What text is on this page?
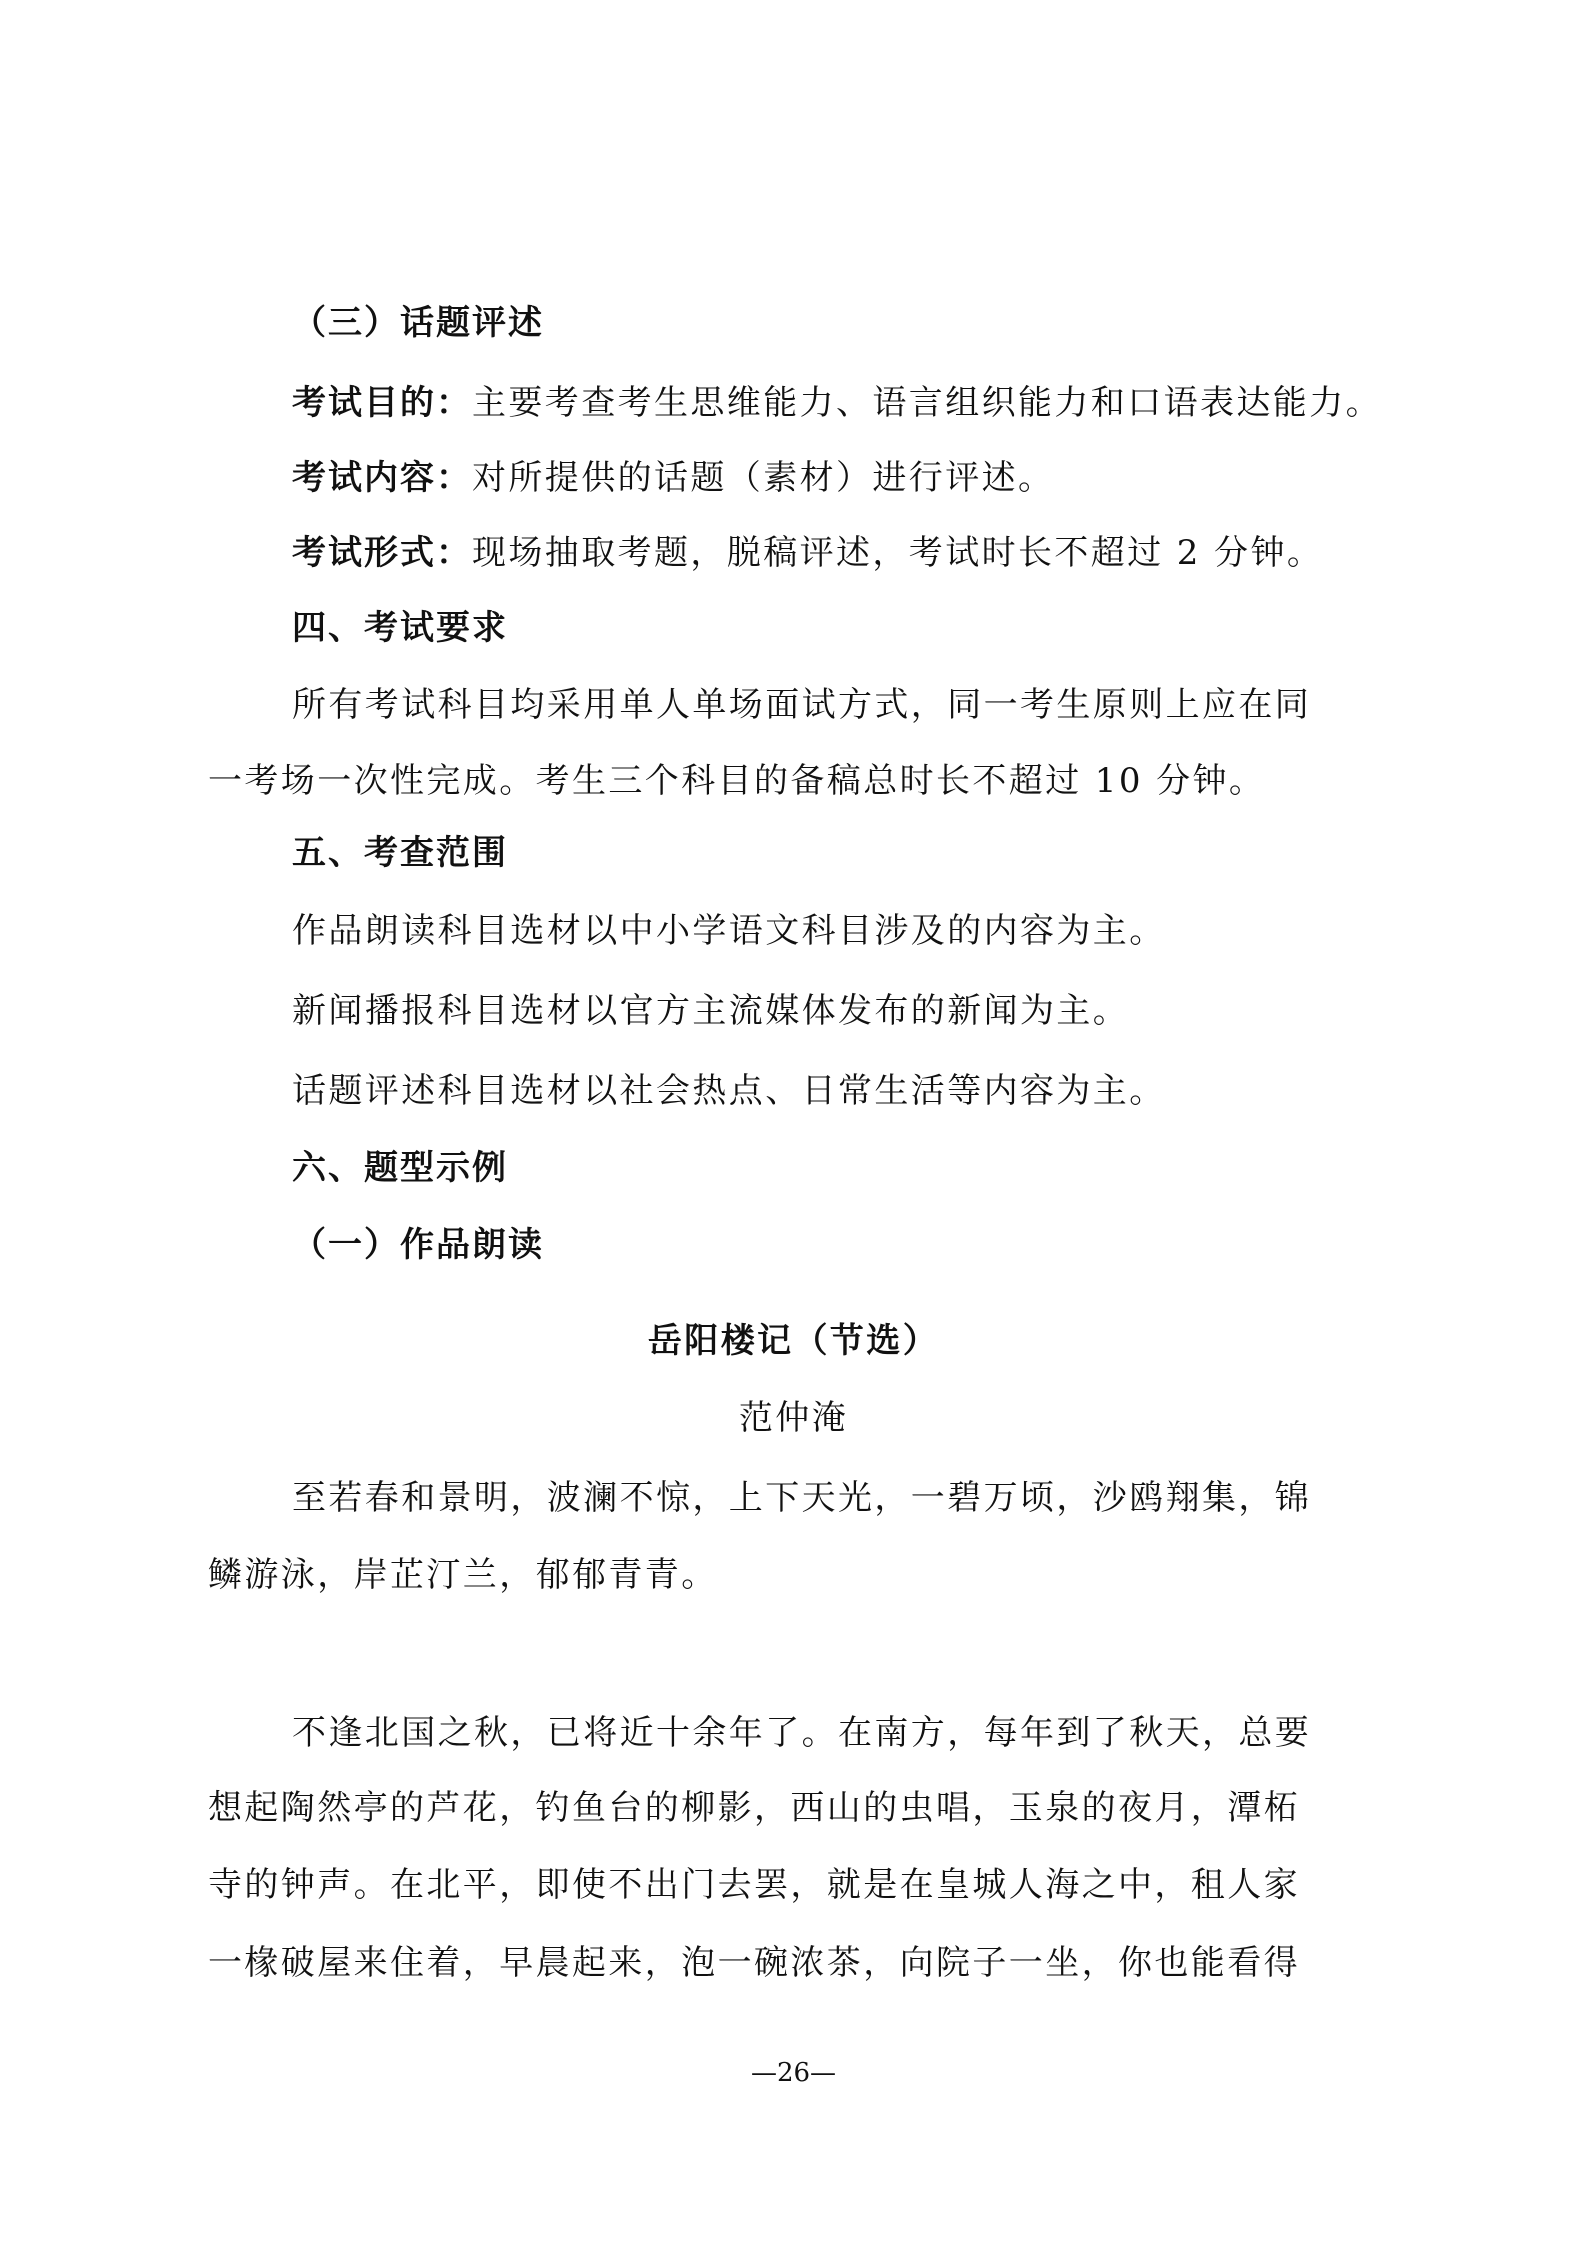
（三）话题评述
考试目的：主要考查考生思维能力、语言组织能力和口语表达能力。
考试内容：对所提供的话题（素材）进行评述。
考试形式：现场抽取考题，脱稿评述，考试时长不超过 2 分钟。
四、考试要求
所有考试科目均采用单人单场面试方式，同一考生原则上应在同
一考场一次性完成。考生三个科目的备稿总时长不超过 10 分钟。
五、考查范围
作品朗读科目选材以中小学语文科目涉及的内容为主。
新闻播报科目选材以官方主流媒体发布的新闻为主。
话题评述科目选材以社会热点、日常生活等内容为主。
六、题型示例
（一）作品朗读
岳阳楼记（节选）
范仲淹
至若春和景明，波澜不惊，上下天光，一碧万顷，沙鸥翔集，锦
鳞游泳，岸芷汀兰，郁郁青青。
不逢北国之秋，已将近十余年了。在南方，每年到了秋天，总要
想起陶然亭的芦花，钓鱼台的柳影，西山的虫唱，玉泉的夜月，潭柘
寺的钟声。在北平，即使不出门去罢，就是在皇城人海之中，租人家
一椽破屋来住着，早晨起来，泡一碗浓茶，向院子一坐，你也能看得
—26—
